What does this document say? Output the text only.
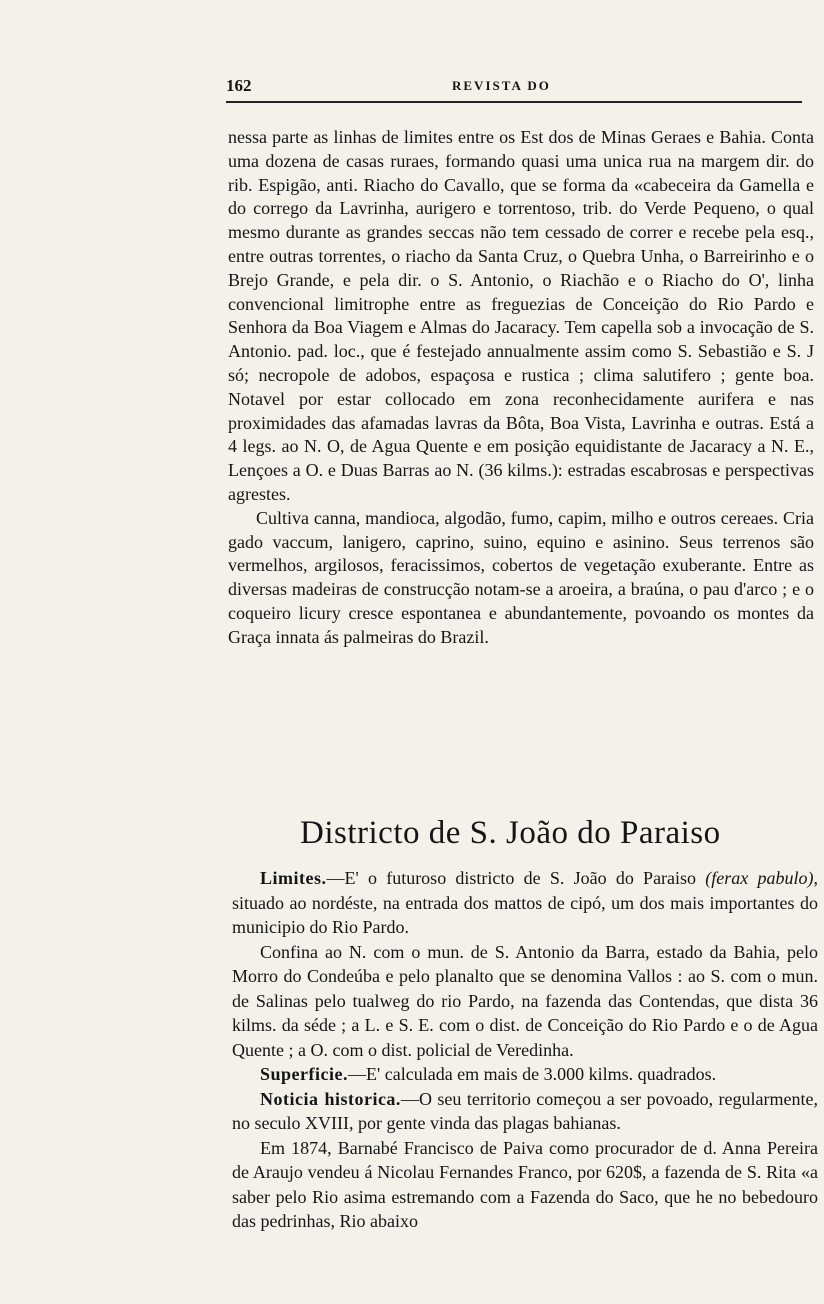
162	REVISTA DO

nessa parte as linhas de limites entre os Est dos de Minas Geraes e Bahia. Conta uma dozena de casas ruraes, formando quasi uma unica rua na margem dir. do rib. Espigão, anti. Riacho do Cavallo, que se forma da «cabeceira da Gamella e do corrego da Lavrinha, aurigero e torrentoso, trib. do Verde Pequeno, o qual mesmo durante as grandes seccas não tem cessado de correr e recebe pela esq., entre outras torrentes, o riacho da Santa Cruz, o Quebra Unha, o Barreirinho e o Brejo Grande, e pela dir. o S. Antonio, o Riachão e o Riacho do O', linha convencional limitrophe entre as freguezias de Conceição do Rio Pardo e Senhora da Boa Viagem e Almas do Jacaracy. Tem capella sob a invocação de S. Antonio. pad. loc., que é festejado annualmente assim como S. Sebastião e S. J só; necropole de adobos, espaçosa e rustica ; clima salutifero ; gente boa. Notavel por estar collocado em zona reconhecidamente aurifera e nas proximidades das afamadas lavras da Bôta, Boa Vista, Lavrinha e outras. Está a 4 legs. ao N. O, de Agua Quente e em posição equidistante de Jacaracy a N. E., Lençoes a O. e Duas Barras ao N. (36 kilms.): estradas escabrosas e perspectivas agrestes.

Cultiva canna, mandioca, algodão, fumo, capim, milho e outros cereaes. Cria gado vaccum, lanigero, caprino, suino, equino e asinino. Seus terrenos são vermelhos, argilosos, feracissimos, cobertos de vegetação exuberante. Entre as diversas madeiras de construcção notam-se a aroeira, a braúna, o pau d'arco ; e o coqueiro licury cresce espontanea e abundantemente, povoando os montes da Graça innata ás palmeiras do Brazil.

Districto de S. João do Paraiso

Limites.—E' o futuroso districto de S. João do Paraiso (ferax pabulo), situado ao nordéste, na entrada dos mattos de cipó, um dos mais importantes do municipio do Rio Pardo.

Confina ao N. com o mun. de S. Antonio da Barra, estado da Bahia, pelo Morro do Condeúba e pelo planalto que se denomina Vallos : ao S. com o mun. de Salinas pelo tualweg do rio Pardo, na fazenda das Contendas, que dista 36 kilms. da séde ; a L. e S. E. com o dist. de Conceição do Rio Pardo e o de Agua Quente ; a O. com o dist. policial de Veredinha.

Superficie.—E' calculada em mais de 3.000 kilms. quadrados.

Noticia historica.—O seu territorio começou a ser povoado, regularmente, no seculo XVIII, por gente vinda das plagas bahianas.

Em 1874, Barnabé Francisco de Paiva como procurador de d. Anna Pereira de Araujo vendeu á Nicolau Fernandes Franco, por 620$, a fazenda de S. Rita «a saber pelo Rio asima estremando com a Fazenda do Saco, que he no bebedouro das pedrinhas, Rio abaixo
